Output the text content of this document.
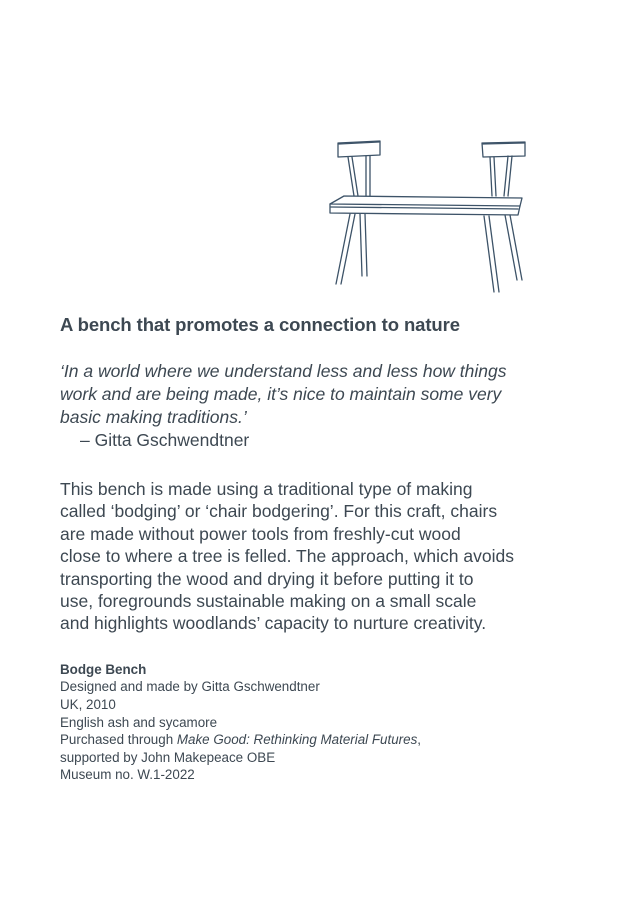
A bench that promotes a connection to nature

‘In a world where we understand less and less how things

work and are being made, it’s nice to maintain some very

basic making traditions.’

– Gitta Gschwendtner

This bench is made using a traditional type of making

called ‘bodging’ or ‘chair bodgering’. For this craft, chairs

are made without power tools from freshly-cut wood

close to where a tree is felled. The approach, which avoids

transporting the wood and drying it before putting it to

use, foregrounds sustainable making on a small scale

and highlights woodlands’ capacity to nurture creativity.

Bodge Bench
Designed and made by Gitta Gschwendtner
UK, 2010
English ash and sycamore
Purchased through Make Good: Rethinking Material Futures,
supported by John Makepeace OBE
Museum no. W.1-2022
